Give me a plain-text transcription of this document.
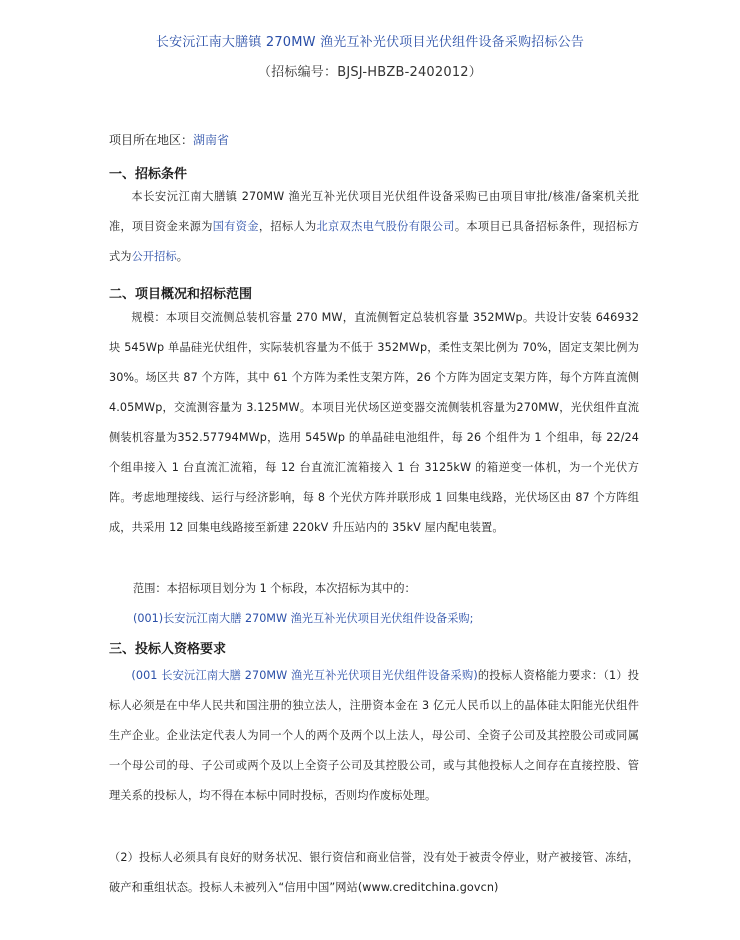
长安沅江南大膳镇 270MW 渔光互补光伏项目光伏组件设备采购招标公告
（招标编号：BJSJ-HBZB-2402012）
项目所在地区：湖南省
一、招标条件
本长安沅江南大膳镇 270MW 渔光互补光伏项目光伏组件设备采购已由项目审批/核准/备案机关批准，项目资金来源为国有资金，招标人为北京双杰电气股份有限公司。本项目已具备招标条件，现招标方式为公开招标。
二、项目概况和招标范围
规模：本项目交流侧总装机容量 270 MW，直流侧暂定总装机容量 352MWp。共设计安装 646932 块 545Wp 单晶硅光伏组件，实际装机容量为不低于 352MWp，柔性支架比例为 70%，固定支架比例为 30%。场区共 87 个方阵，其中 61 个方阵为柔性支架方阵，26 个方阵为固定支架方阵，每个方阵直流侧 4.05MWp，交流测容量为 3.125MW。本项目光伏场区逆变器交流侧装机容量为270MW，光伏组件直流侧装机容量为352.57794MWp，选用 545Wp 的单晶硅电池组件，每 26 个组件为 1 个组串，每 22/24 个组串接入 1 台直流汇流箱，每 12 台直流汇流箱接入 1 台 3125kW 的箱逆变一体机，为一个光伏方阵。考虑地理接线、运行与经济影响，每 8 个光伏方阵并联形成 1 回集电线路，光伏场区由 87 个方阵组成，共采用 12 回集电线路接至新建 220kV 升压站内的 35kV 屋内配电装置。
范围：本招标项目划分为 1 个标段，本次招标为其中的：
(001)长安沅江南大膳 270MW 渔光互补光伏项目光伏组件设备采购;
三、投标人资格要求
(001 长安沅江南大膳 270MW 渔光互补光伏项目光伏组件设备采购)的投标人资格能力要求：（1）投标人必须是在中华人民共和国注册的独立法人，注册资本金在 3 亿元人民币以上的晶体硅太阳能光伏组件生产企业。企业法定代表人为同一个人的两个及两个以上法人，母公司、全资子公司及其控股公司或同属一个母公司的母、子公司或两个及以上全资子公司及其控股公司，或与其他投标人之间存在直接控股、管理关系的投标人，均不得在本标中同时投标，否则均作废标处理。
（2）投标人必须具有良好的财务状况、银行资信和商业信誉，没有处于被责令停业，财产被接管、冻结，破产和重组状态。投标人未被列入“信用中国”网站(www.creditchina.govcn)
